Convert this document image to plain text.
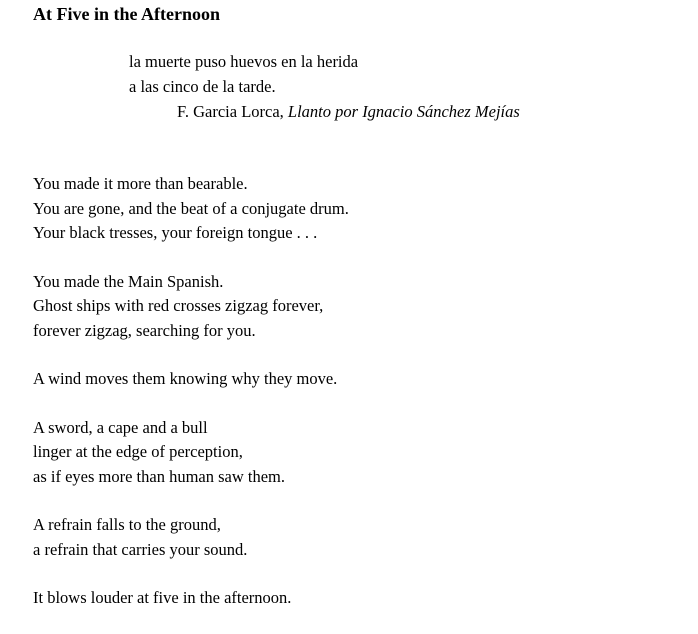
At Five in the Afternoon
la muerte puso huevos en la herida
a las cinco de la tarde.
F. Garcia Lorca, Llanto por Ignacio Sánchez Mejías
You made it more than bearable.
You are gone, and the beat of a conjugate drum.
Your black tresses, your foreign tongue . . .
You made the Main Spanish.
Ghost ships with red crosses zigzag forever,
forever zigzag, searching for you.
A wind moves them knowing why they move.
A sword, a cape and a bull
linger at the edge of perception,
as if eyes more than human saw them.
A refrain falls to the ground,
a refrain that carries your sound.
It blows louder at five in the afternoon.
